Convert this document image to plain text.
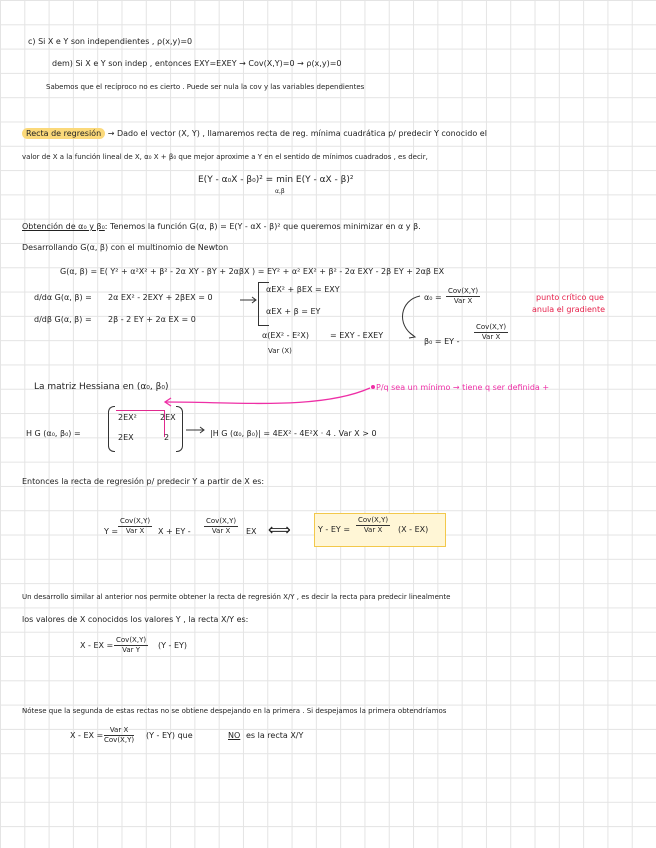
c) Si X e Y son independientes , ρ(x,y)=0
dem) Si X e Y son indep , entonces EXY=EXEY → Cov(X,Y)=0 → ρ(x,y)=0
Sabemos que el recíproco no es cierto . Puede ser nula la cov y las variables dependientes
Recta de regresión → Dado el vector (X, Y) , llamaremos recta de reg. mínima cuadrática p/ predecir Y conocido el
valor de X a la función lineal de X, α₀ X + β₀ que mejor aproxime a Y en el sentido de mínimos cuadrados , es decir,
E(Y - α₀X - β₀)² = min E(Y - αX - β)²
α,β
Obtención de α₀ y β₀: Tenemos la función G(α, β) = E(Y - αX - β)² que queremos minimizar en α y β.
Desarrollando G(α, β) con el multinomio de Newton
G(α, β) = E( Y² + α²X² + β² - 2α XY - βY + 2αβX ) = EY² + α² EX² + β² - 2α EXY - 2β EY + 2αβ EX
d/dα G(α, β) = 2α EX² - 2EXY + 2βEX = 0
d/dβ G(α, β) = 2β - 2 EY + 2α EX = 0
αEX² + βEX = EXY
αEX + β = EY
α(EX² - E²X)	= EXY - EXEY
Var (X)
α₀ =
Cov(X,Y)
Var X
β₀ = EY -
Cov(X,Y)
Var X
punto crítico que
anula el gradiente
La matriz Hessiana en (α₀, β₀)	P/q sea un mínimo → tiene q ser definida +
H G (α₀, β₀) =
2EX²	2EX
2EX	2	|H G (α₀, β₀)| = 4EX² - 4E²X · 4 . Var X > 0
Entonces la recta de regresión p/ predecir Y a partir de X es:
Y =
Cov(X,Y)
Var X	X + EY -
Cov(X,Y)
Var X	EX ⟺	Y - EY =
Cov(X,Y)
Var X	(X - EX)
Un desarrollo similar al anterior nos permite obtener la recta de regresión X/Y , es decir la recta para predecir linealmente
los valores de X conocidos los valores Y , la recta X/Y es:
X - EX =
Cov(X,Y)
Var Y	(Y - EY)
Nótese que la segunda de estas rectas no se obtiene despejando en la primera . Si despejamos la primera obtendríamos
X - EX =
Var X
Cov(X,Y) (Y - EY) que	NO es la recta X/Y
